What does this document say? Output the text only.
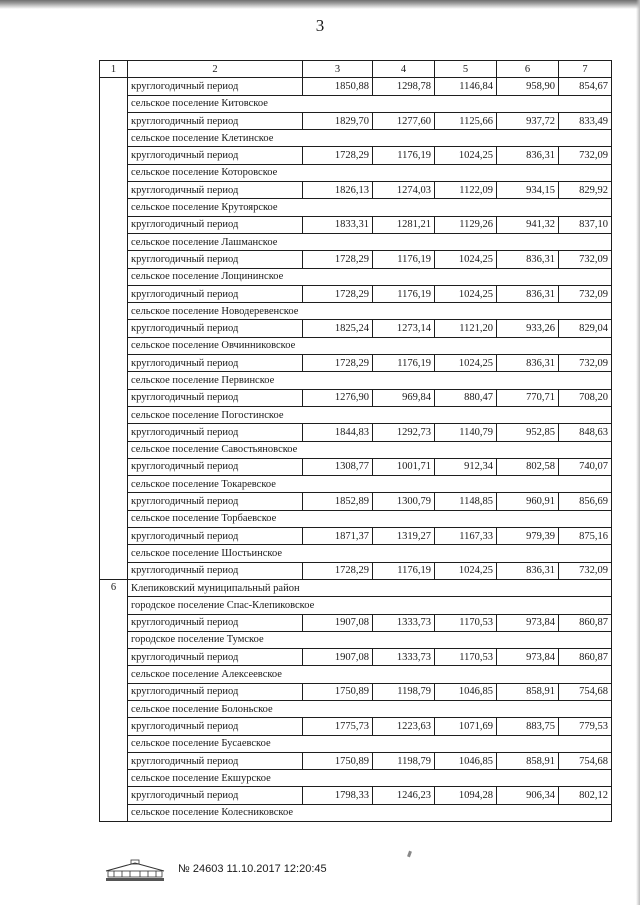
3
1	2	3	4	5	6	7
	круглогодичный период	1850,88	1298,78	1146,84	958,90	854,67
	сельское поселение Китовское					
	круглогодичный период	1829,70	1277,60	1125,66	937,72	833,49
	сельское поселение Клетинское					
	круглогодичный период	1728,29	1176,19	1024,25	836,31	732,09
	сельское поселение Которовское					
	круглогодичный период	1826,13	1274,03	1122,09	934,15	829,92
	сельское поселение Крутоярское					
	круглогодичный период	1833,31	1281,21	1129,26	941,32	837,10
	сельское поселение Лашманское					
	круглогодичный период	1728,29	1176,19	1024,25	836,31	732,09
	сельское поселение Лощининское					
	круглогодичный период	1728,29	1176,19	1024,25	836,31	732,09
	сельское поселение Новодеревенское					
	круглогодичный период	1825,24	1273,14	1121,20	933,26	829,04
	сельское поселение Овчинниковское					
	круглогодичный период	1728,29	1176,19	1024,25	836,31	732,09
	сельское поселение Первинское					
	круглогодичный период	1276,90	969,84	880,47	770,71	708,20
	сельское поселение Погостинское					
	круглогодичный период	1844,83	1292,73	1140,79	952,85	848,63
	сельское поселение Савостьяновское					
	круглогодичный период	1308,77	1001,71	912,34	802,58	740,07
	сельское поселение Токаревское					
	круглогодичный период	1852,89	1300,79	1148,85	960,91	856,69
	сельское поселение Торбаевское					
	круглогодичный период	1871,37	1319,27	1167,33	979,39	875,16
	сельское поселение Шостьинское					
	круглогодичный период	1728,29	1176,19	1024,25	836,31	732,09
6	Клепиковский муниципальный район					
	городское поселение Спас-Клепиковское					
	круглогодичный период	1907,08	1333,73	1170,53	973,84	860,87
	городское поселение Тумское					
	круглогодичный период	1907,08	1333,73	1170,53	973,84	860,87
	сельское поселение Алексеевское					
	круглогодичный период	1750,89	1198,79	1046,85	858,91	754,68
	сельское поселение Болоньское					
	круглогодичный период	1775,73	1223,63	1071,69	883,75	779,53
	сельское поселение Бусаевское					
	круглогодичный период	1750,89	1198,79	1046,85	858,91	754,68
	сельское поселение Екшурское					
	круглогодичный период	1798,33	1246,23	1094,28	906,34	802,12
	сельское поселение Колесниковское					
№ 24603 11.10.2017 12:20:45
